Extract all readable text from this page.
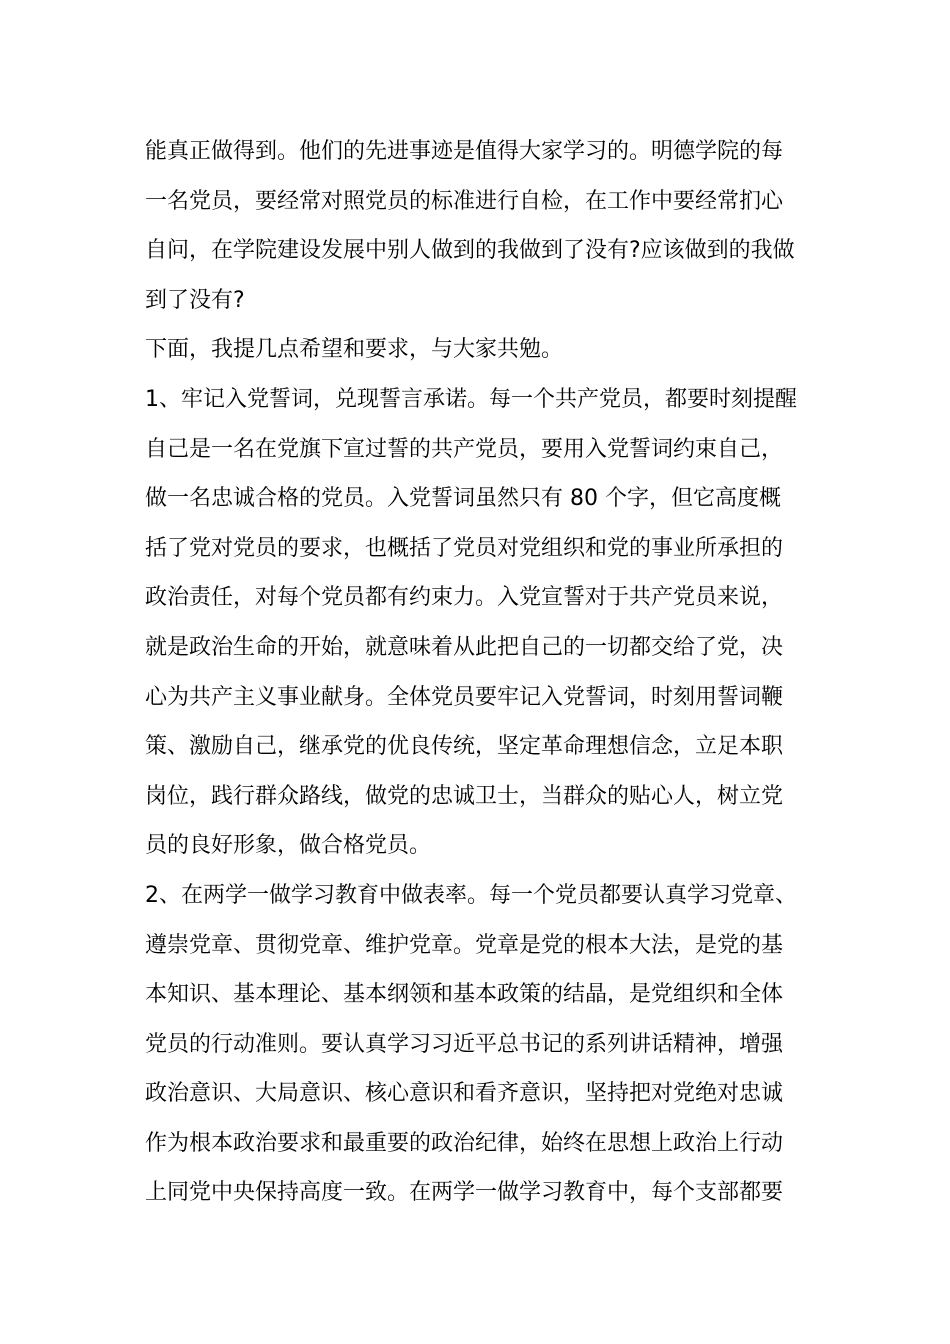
能真正做得到。他们的先进事迹是值得大家学习的。明德学院的每
一名党员，要经常对照党员的标准进行自检，在工作中要经常扪心
自问，在学院建设发展中别人做到的我做到了没有?应该做到的我做
到了没有?
下面，我提几点希望和要求，与大家共勉。
1、牢记入党誓词，兑现誓言承诺。每一个共产党员，都要时刻提醒
自己是一名在党旗下宣过誓的共产党员，要用入党誓词约束自己，
做一名忠诚合格的党员。入党誓词虽然只有 80 个字，但它高度概
括了党对党员的要求，也概括了党员对党组织和党的事业所承担的
政治责任，对每个党员都有约束力。入党宣誓对于共产党员来说，
就是政治生命的开始，就意味着从此把自己的一切都交给了党，决
心为共产主义事业献身。全体党员要牢记入党誓词，时刻用誓词鞭
策、激励自己，继承党的优良传统，坚定革命理想信念，立足本职
岗位，践行群众路线，做党的忠诚卫士，当群众的贴心人，树立党
员的良好形象，做合格党员。
2、在两学一做学习教育中做表率。每一个党员都要认真学习党章、
遵崇党章、贯彻党章、维护党章。党章是党的根本大法，是党的基
本知识、基本理论、基本纲领和基本政策的结晶，是党组织和全体
党员的行动准则。要认真学习习近平总书记的系列讲话精神，增强
政治意识、大局意识、核心意识和看齐意识，坚持把对党绝对忠诚
作为根本政治要求和最重要的政治纪律，始终在思想上政治上行动
上同党中央保持高度一致。在两学一做学习教育中，每个支部都要
